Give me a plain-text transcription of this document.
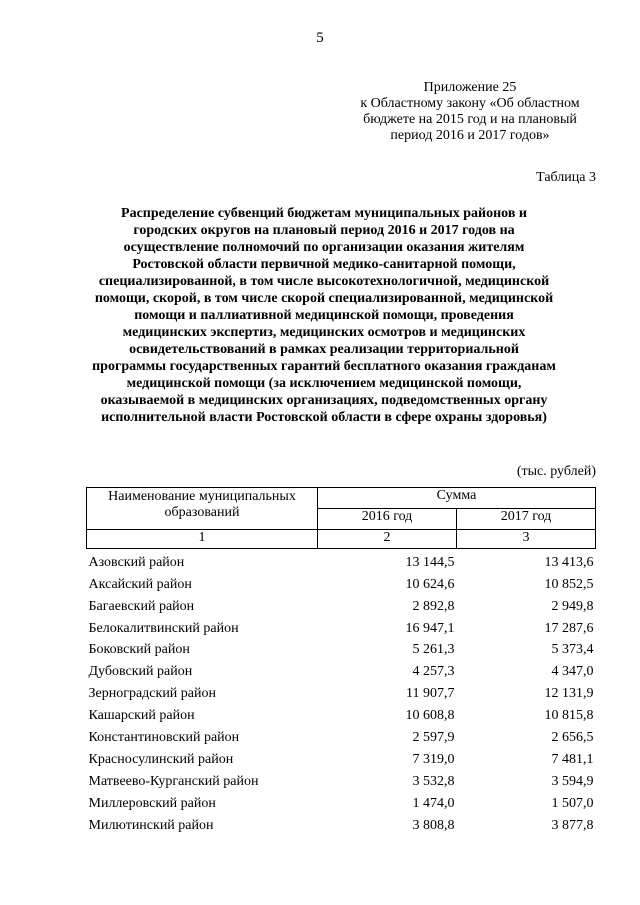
5
Приложение 25
к Областному закону «Об областном
бюджете на 2015 год и на плановый
период 2016 и 2017 годов»
Таблица 3
Распределение субвенций бюджетам муниципальных районов и
городских округов на плановый период 2016 и 2017 годов на
осуществление полномочий по организации оказания жителям
Ростовской области первичной медико-санитарной помощи,
специализированной, в том числе высокотехнологичной, медицинской
помощи, скорой, в том числе скорой специализированной, медицинской
помощи и паллиативной медицинской помощи, проведения
медицинских экспертиз, медицинских осмотров и медицинских
освидетельствований в рамках реализации территориальной
программы государственных гарантий бесплатного оказания гражданам
медицинской помощи (за исключением медицинской помощи,
оказываемой в медицинских организациях, подведомственных органу
исполнительной власти Ростовской области в сфере охраны здоровья)
(тыс. рублей)
Наименование муниципальных образований	Сумма	
	2016 год	2017 год
1	2	3
Азовский район	13 144,5	13 413,6
Аксайский район	10 624,6	10 852,5
Багаевский район	2 892,8	2 949,8
Белокалитвинский район	16 947,1	17 287,6
Боковский район	5 261,3	5 373,4
Дубовский район	4 257,3	4 347,0
Зерноградский район	11 907,7	12 131,9
Кашарский район	10 608,8	10 815,8
Константиновский район	2 597,9	2 656,5
Красносулинский район	7 319,0	7 481,1
Матвеево-Курганский район	3 532,8	3 594,9
Миллеровский район	1 474,0	1 507,0
Милютинский район	3 808,8	3 877,8
